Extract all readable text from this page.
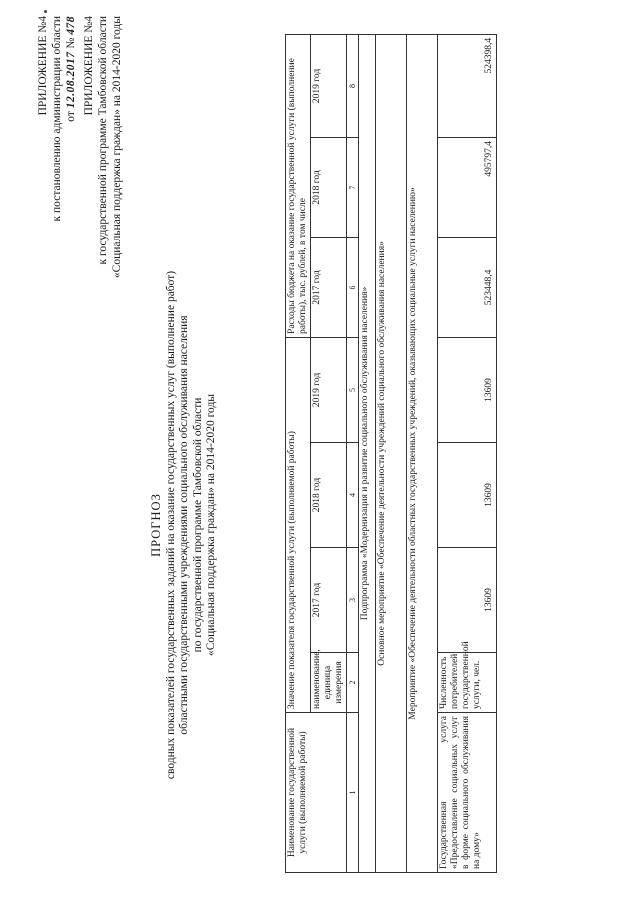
ПРИЛОЖЕНИЕ №4 к постановлению администрации области от 12.08.2017 № 478 ПРИЛОЖЕНИЕ №4 к государственной программе Тамбовской области «Социальная поддержка граждан» на 2014-2020 годы
ПРОГНОЗ сводных показателей государственных заданий на оказание государственных услуг (выполнение работ) областными государственными учреждениями социального обслуживания населения по государственной программе Тамбовской области «Социальная поддержка граждан» на 2014-2020 годы
Наименование государственной услуги (выполняемой работы)	Значение показателя государственной услуги (выполняемой работы)				Расходы бюджета на оказание государственной услуги (выполнение работы), тыс. рублей, в том числе		
	наименование, единица измерения	2017 год	2018 год	2019 год	2017 год	2018 год	2019 год
1	2	3	4	5	6	7	8
Подпрограмма «Модернизация и развитие социального обслуживания населения»							
Основное мероприятие «Обеспечение деятельности учреждений социального обслуживания населения»							
Мероприятие «Обеспечение деятельности областных государственных учреждений, оказывающих социальные услуги населению»							
Государственная услуга «Предоставление социальных услуг в форме социального обслуживания на дому»	Численность потребителей государственной услуги, чел.	13609	13609	13609	523448,4	495797,4	524398,4
